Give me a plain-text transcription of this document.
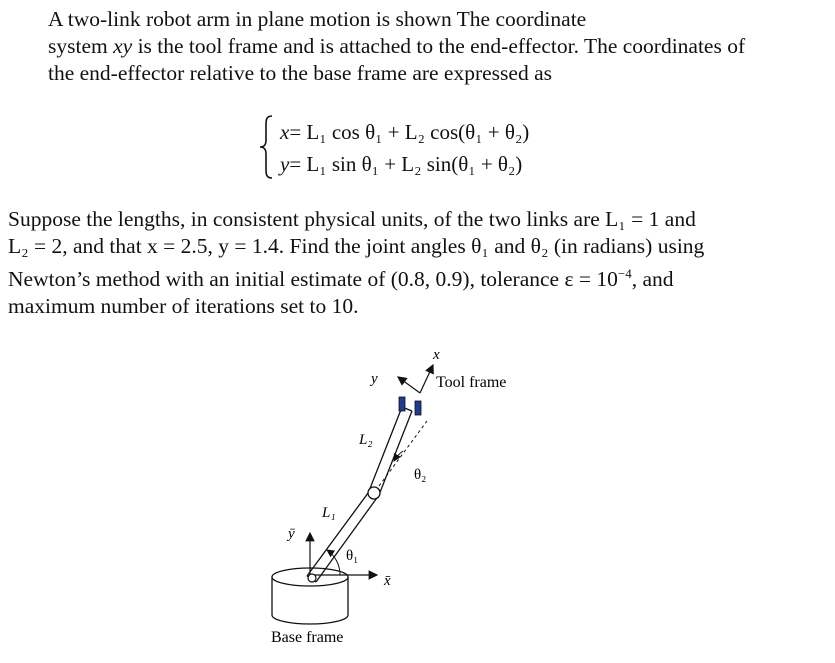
A two-link robot arm in plane motion is shown The coordinate
system xy is the tool frame and is attached to the end-effector. The coordinates of
the end-effector relative to the base frame are expressed as
x= L₁ cos θ₁ + L₂ cos(θ₁ + θ₂)
y= L₁ sin θ₁ + L₂ sin(θ₁ + θ₂)
Suppose the lengths, in consistent physical units, of the two links are L₁ = 1 and
L₂ = 2, and that x = 2.5, y = 1.4. Find the joint angles θ₁ and θ₂ (in radians) using
Newton’s method with an initial estimate of (0.8, 0.9), tolerance $\varepsilon = 10^{-4}$, and
maximum number of iterations set to 10.
x
y	Tool frame
L₂
θ₂
L₁
ȳ
θ₁
x̄
Base frame
